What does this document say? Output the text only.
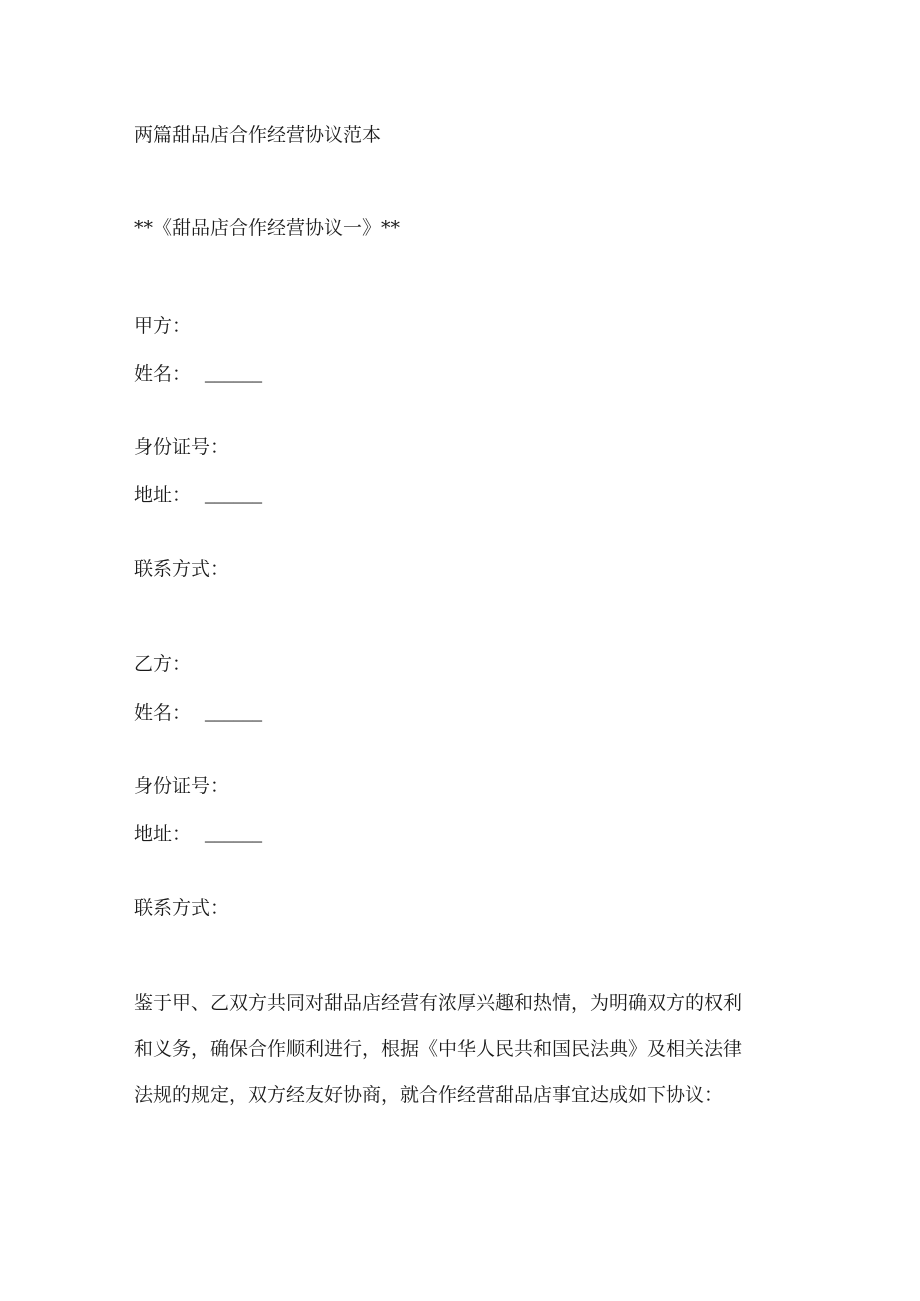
两篇甜品店合作经营协议范本
**《甜品店合作经营协议一》**
甲方：
姓名： ______
身份证号：
地址： ______
联系方式：
乙方：
姓名： ______
身份证号：
地址： ______
联系方式：
鉴于甲、乙双方共同对甜品店经营有浓厚兴趣和热情，为明确双方的权利
和义务，确保合作顺利进行，根据《中华人民共和国民法典》及相关法律
法规的规定，双方经友好协商，就合作经营甜品店事宜达成如下协议：
